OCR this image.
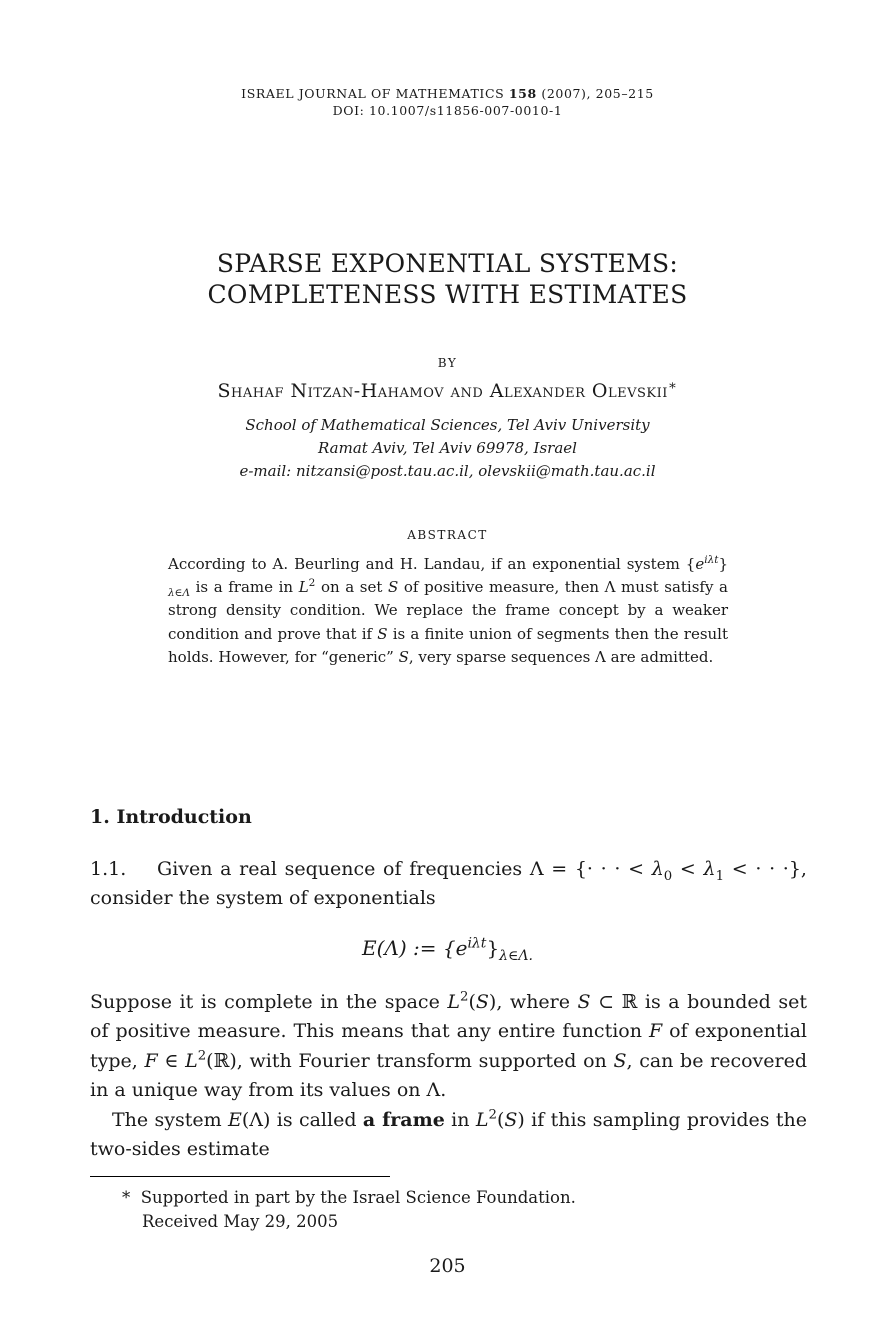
ISRAEL JOURNAL OF MATHEMATICS 158 (2007), 205–215
DOI: 10.1007/s11856-007-0010-1
SPARSE EXPONENTIAL SYSTEMS:
COMPLETENESS WITH ESTIMATES
BY
Shahaf Nitzan-Hahamov and Alexander Olevskii∗
School of Mathematical Sciences, Tel Aviv University
Ramat Aviv, Tel Aviv 69978, Israel
e-mail: nitzansi@post.tau.ac.il, olevskii@math.tau.ac.il
ABSTRACT
According to A. Beurling and H. Landau, if an exponential system $\{e^{i\lambda t}\}_{\lambda\in\Lambda}$ is a frame in $L^2$ on a set S of positive measure, then Λ must satisfy a strong density condition. We replace the frame concept by a weaker condition and prove that if S is a finite union of segments then the result holds. However, for “generic” S, very sparse sequences Λ are admitted.
1. Introduction

1.1. Given a real sequence of frequencies Λ = {· · · < $\lambda_0 < \lambda_1$ < · · ·}, consider the system of exponentials

E(Λ) := $\{e^{i\lambda t}\}_{\lambda\in\Lambda.}$

Suppose it is complete in the space $L^2(S)$, where S ⊂ ℝ is a bounded set of positive measure. This means that any entire function F of exponential type, F ∈ $L^2(ℝ)$, with Fourier transform supported on S, can be recovered in a unique way from its values on Λ.

The system E(Λ) is called a frame in $L^2(S)$ if this sampling provides the two-sides estimate

* Supported in part by the Israel Science Foundation.
Received May 29, 2005
205
